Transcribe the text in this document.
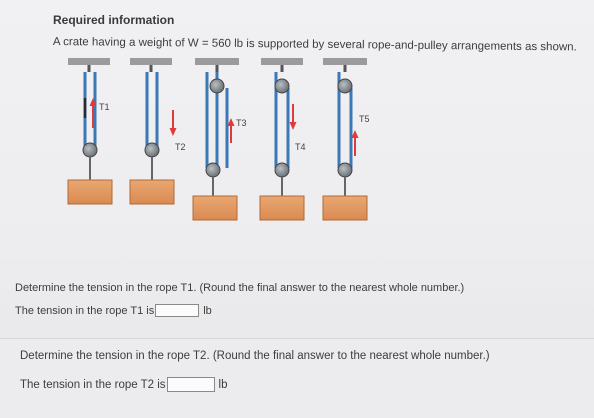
Required information
A crate having a weight of W = 560 lb is supported by several rope-and-pulley arrangements as shown.
T1
T2
T3
T4
T5
Determine the tension in the rope T1. (Round the final answer to the nearest whole number.)
The tension in the rope T1 is	lb
Determine the tension in the rope T2. (Round the final answer to the nearest whole number.)
The tension in the rope T2 is	lb
